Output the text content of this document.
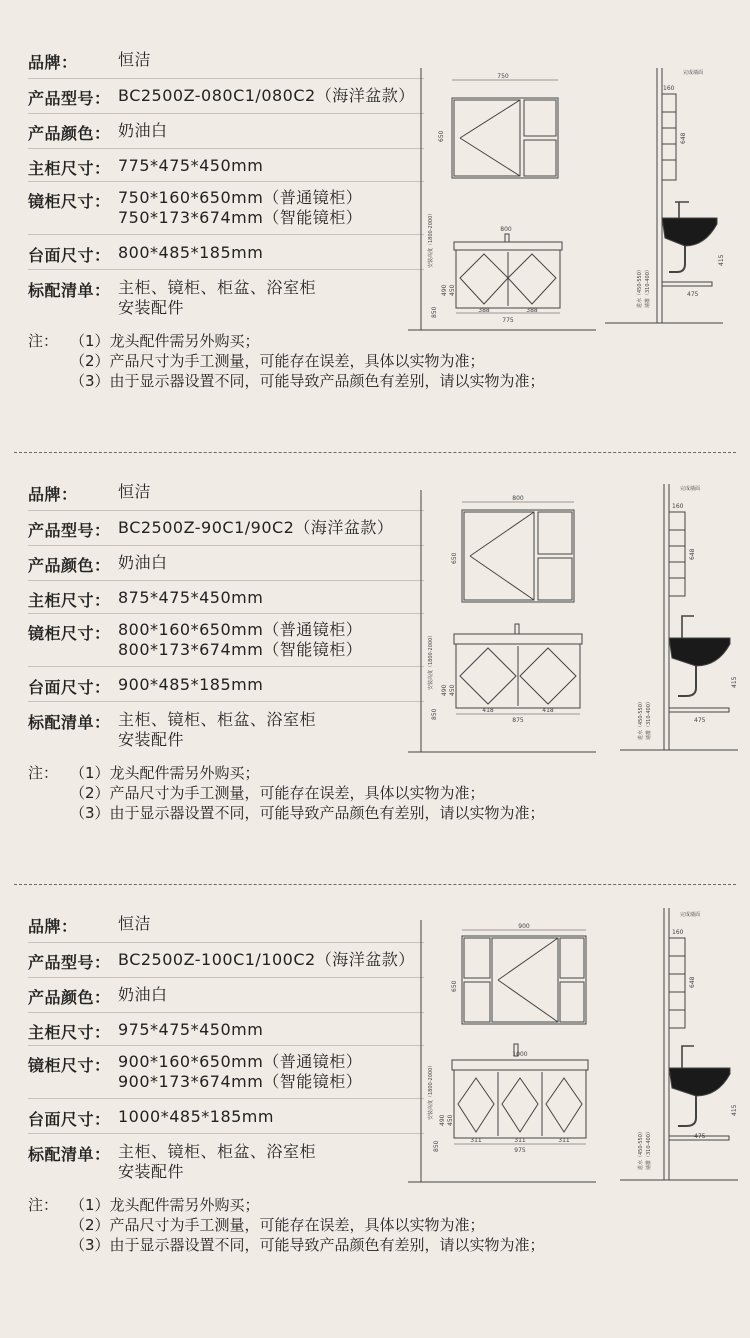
品牌：	恒洁
产品型号： BC2500Z-080C1/080C2（海洋盆款）
产品颜色： 奶油白
主柜尺寸： 775*475*450mm
镜柜尺寸： 750*160*650mm（普通镜柜）
750*173*674mm（智能镜柜）
台面尺寸： 800*485*185mm
标配清单： 主柜、镜柜、柜盆、浴室柜
安装配件
注： （1）龙头配件需另外购买；
（2）产品尺寸为手工测量，可能存在误差，具体以实物为准；
（3）由于显示器设置不同，可能导致产品颜色有差别，请以实物为准；
750
650
安装高度（1800-2000）	800
490 450
850	388	388
775
完成墙面
160
648
415
475
进水（450-550） 墙排（310-400）
品牌：	恒洁
产品型号： BC2500Z-90C1/90C2（海洋盆款）
产品颜色： 奶油白
主柜尺寸： 875*475*450mm
镜柜尺寸： 800*160*650mm（普通镜柜）
800*173*674mm（智能镜柜）
台面尺寸： 900*485*185mm
标配清单： 主柜、镜柜、柜盆、浴室柜
安装配件
注： （1）龙头配件需另外购买；
（2）产品尺寸为手工测量，可能存在误差，具体以实物为准；
（3）由于显示器设置不同，可能导致产品颜色有差别，请以实物为准；
800
650
安装高度（1800-2000）
490 450
850	418	418
875
完成墙面
160
648
415
475
进水（450-550） 墙排（310-400）
品牌：	恒洁
产品型号： BC2500Z-100C1/100C2（海洋盆款）
产品颜色： 奶油白
主柜尺寸： 975*475*450mm
镜柜尺寸： 900*160*650mm（普通镜柜）
900*173*674mm（智能镜柜）
台面尺寸： 1000*485*185mm
标配清单： 主柜、镜柜、柜盆、浴室柜
安装配件
注： （1）龙头配件需另外购买；
（2）产品尺寸为手工测量，可能存在误差，具体以实物为准；
（3）由于显示器设置不同，可能导致产品颜色有差别，请以实物为准；
900
650
安装高度（1800-2000）
1000
490 450
850
311	311	311
975
完成墙面
160
648
415
475
进水（450-550） 墙排（310-400）
